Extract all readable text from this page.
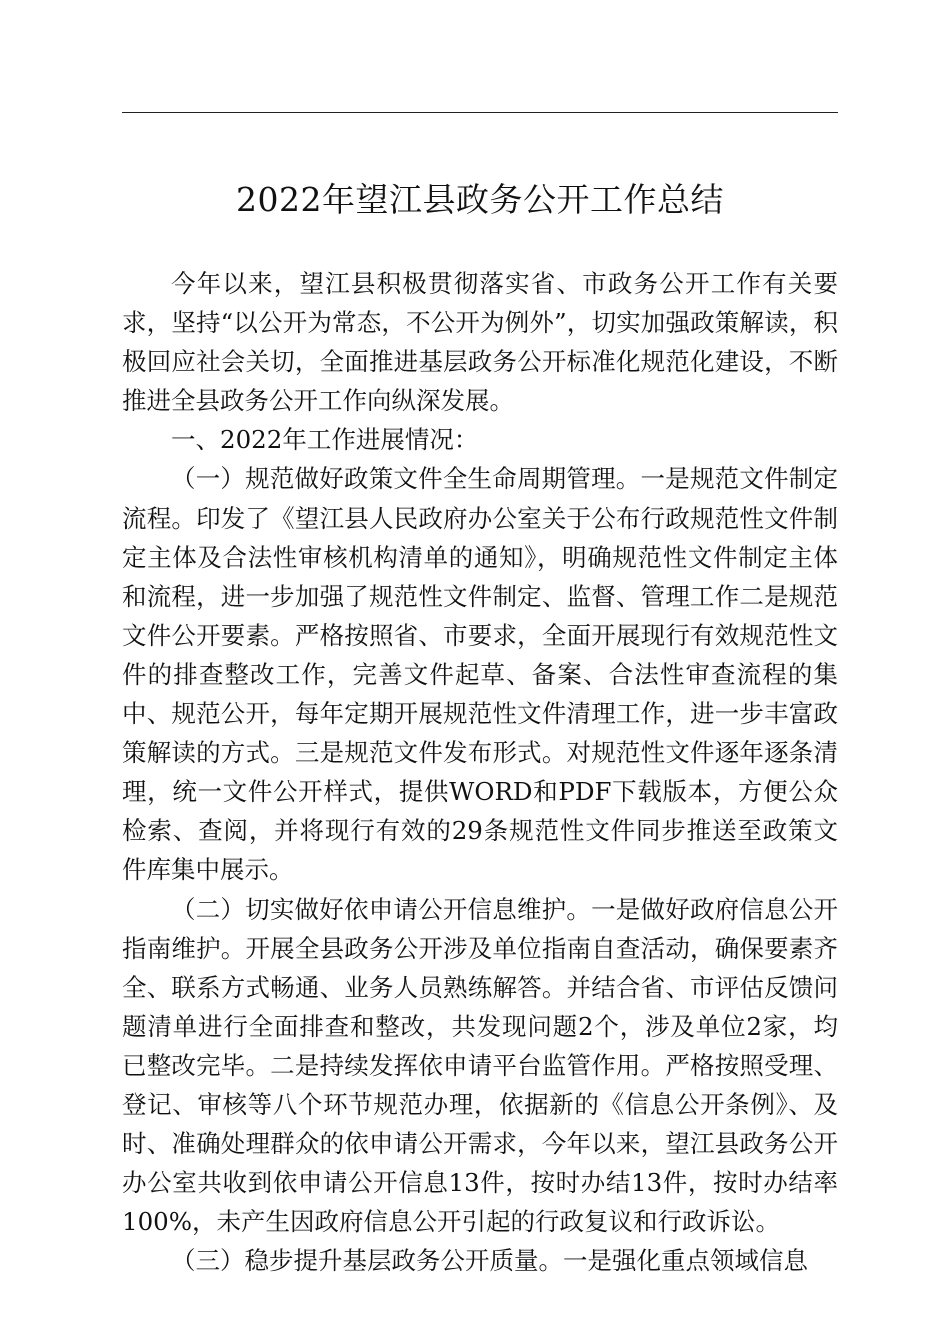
2022年望江县政务公开工作总结

今年以来，望江县积极贯彻落实省、市政务公开工作有关要求，坚持“以公开为常态，不公开为例外”，切实加强政策解读，积极回应社会关切，全面推进基层政务公开标准化规范化建设，不断推进全县政务公开工作向纵深发展。

一、2022年工作进展情况：

（一）规范做好政策文件全生命周期管理。一是规范文件制定流程。印发了《望江县人民政府办公室关于公布行政规范性文件制定主体及合法性审核机构清单的通知》，明确规范性文件制定主体和流程，进一步加强了规范性文件制定、监督、管理工作二是规范文件公开要素。严格按照省、市要求，全面开展现行有效规范性文件的排查整改工作，完善文件起草、备案、合法性审查流程的集中、规范公开，每年定期开展规范性文件清理工作，进一步丰富政策解读的方式。三是规范文件发布形式。对规范性文件逐年逐条清理，统一文件公开样式，提供WORD和PDF下载版本，方便公众检索、查阅，并将现行有效的29条规范性文件同步推送至政策文件库集中展示。

（二）切实做好依申请公开信息维护。一是做好政府信息公开指南维护。开展全县政务公开涉及单位指南自查活动，确保要素齐全、联系方式畅通、业务人员熟练解答。并结合省、市评估反馈问题清单进行全面排查和整改，共发现问题2个，涉及单位2家，均已整改完毕。二是持续发挥依申请平台监管作用。严格按照受理、登记、审核等八个环节规范办理，依据新的《信息公开条例》、及时、准确处理群众的依申请公开需求，今年以来，望江县政务公开办公室共收到依申请公开信息13件，按时办结13件，按时办结率100%，未产生因政府信息公开引起的行政复议和行政诉讼。

（三）稳步提升基层政务公开质量。一是强化重点领域信息
